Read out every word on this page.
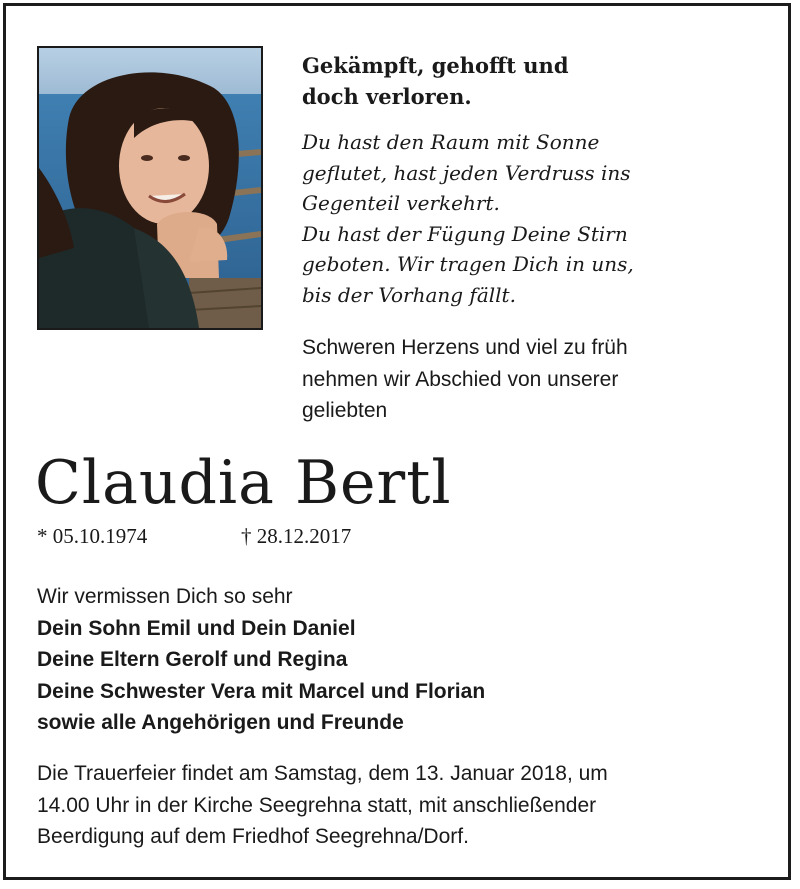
Gekämpft, gehofft und
doch verloren.
Du hast den Raum mit Sonne
geflutet, hast jeden Verdruss ins
Gegenteil verkehrt.
Du hast der Fügung Deine Stirn
geboten. Wir tragen Dich in uns,
bis der Vorhang fällt.
Schweren Herzens und viel zu früh
nehmen wir Abschied von unserer
geliebten
Claudia Bertl
* 05.10.1974	† 28.12.2017
Wir vermissen Dich so sehr
Dein Sohn Emil und Dein Daniel
Deine Eltern Gerolf und Regina
Deine Schwester Vera mit Marcel und Florian
sowie alle Angehörigen und Freunde
Die Trauerfeier findet am Samstag, dem 13. Januar 2018, um
14.00 Uhr in der Kirche Seegrehna statt, mit anschließender
Beerdigung auf dem Friedhof Seegrehna/Dorf.
